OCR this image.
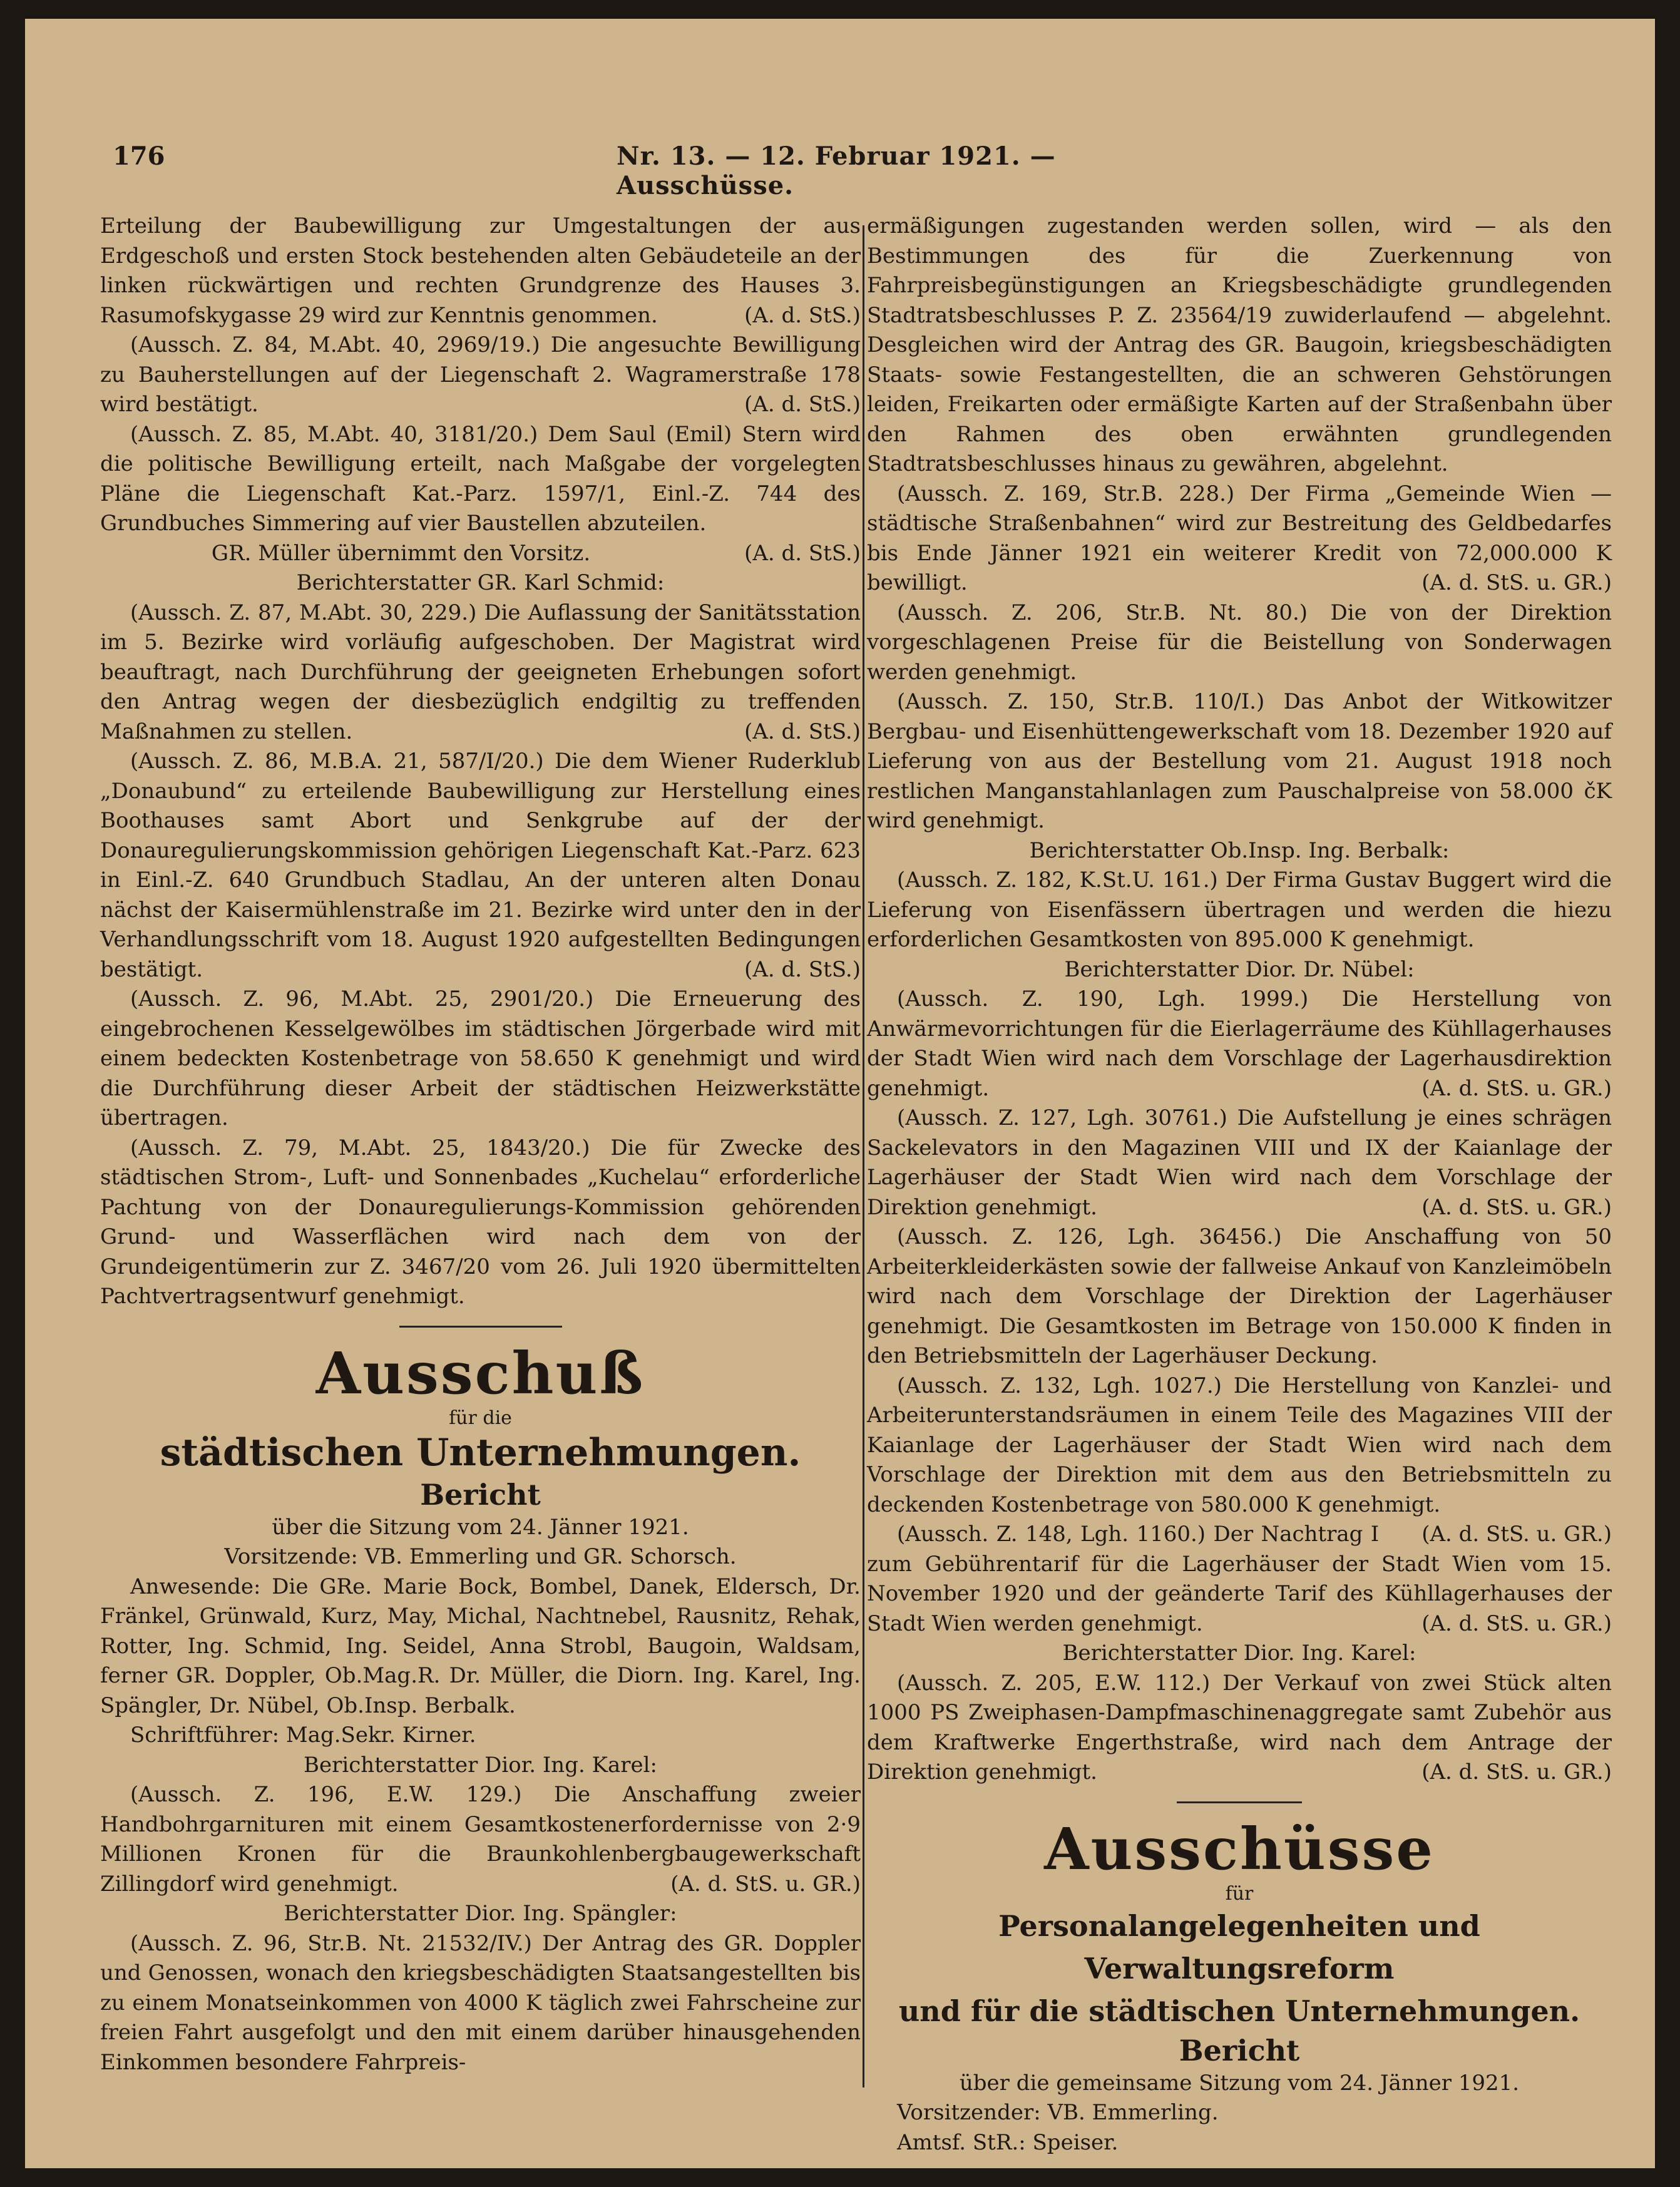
176	Nr. 13. — 12. Februar 1921. — Ausschüsse.

Erteilung der Baubewilligung zur Umgestaltungen der aus Erdgeschoß und ersten Stock bestehenden alten Gebäudeteile an der linken rückwärtigen und rechten Grundgrenze des Hauses 3. Rasumofskygasse 29 wird zur Kenntnis genommen.	(A. d. StS.)

(Aussch. Z. 84, M.Abt. 40, 2969/19.) Die angesuchte Bewilligung zu Bauherstellungen auf der Liegenschaft 2. Wagramerstraße 178 wird bestätigt.	(A. d. StS.)

(Aussch. Z. 85, M.Abt. 40, 3181/20.) Dem Saul (Emil) Stern wird die politische Bewilligung erteilt, nach Maßgabe der vorgelegten Pläne die Liegenschaft Kat.-Parz. 1597/1, Einl.-Z. 744 des Grundbuches Simmering auf vier Baustellen abzuteilen.
(A. d. StS.)

GR. Müller übernimmt den Vorsitz.

Berichterstatter GR. Karl Schmid:

(Aussch. Z. 87, M.Abt. 30, 229.) Die Auflassung der Sanitätsstation im 5. Bezirke wird vorläufig aufgeschoben. Der Magistrat wird beauftragt, nach Durchführung der geeigneten Erhebungen sofort den Antrag wegen der diesbezüglich endgiltig zu treffenden Maßnahmen zu stellen.	(A. d. StS.)

(Aussch. Z. 86, M.B.A. 21, 587/I/20.) Die dem Wiener Ruderklub „Donaubund“ zu erteilende Baubewilligung zur Herstellung eines Boothauses samt Abort und Senkgrube auf der der Donauregulierungskommission gehörigen Liegenschaft Kat.-Parz. 623 in Einl.-Z. 640 Grundbuch Stadlau, An der unteren alten Donau nächst der Kaisermühlenstraße im 21. Bezirke wird unter den in der Verhandlungsschrift vom 18. August 1920 aufgestellten Bedingungen bestätigt.	(A. d. StS.)

(Aussch. Z. 96, M.Abt. 25, 2901/20.) Die Erneuerung des eingebrochenen Kesselgewölbes im städtischen Jörgerbade wird mit einem bedeckten Kostenbetrage von 58.650 K genehmigt und wird die Durchführung dieser Arbeit der städtischen Heizwerkstätte übertragen.

(Aussch. Z. 79, M.Abt. 25, 1843/20.) Die für Zwecke des städtischen Strom-, Luft- und Sonnenbades „Kuchelau“ erforderliche Pachtung von der Donauregulierungs-Kommission gehörenden Grund- und Wasserflächen wird nach dem von der Grundeigentümerin zur Z. 3467/20 vom 26. Juli 1920 übermittelten Pachtvertragsentwurf genehmigt.

Ausschuß
für die
städtischen Unternehmungen.
Bericht

über die Sitzung vom 24. Jänner 1921.

Vorsitzende: VB. Emmerling und GR. Schorsch.

Anwesende: Die GRe. Marie Bock, Bombel, Danek, Eldersch, Dr. Fränkel, Grünwald, Kurz, May, Michal, Nachtnebel, Rausnitz, Rehak, Rotter, Ing. Schmid, Ing. Seidel, Anna Strobl, Baugoin, Waldsam, ferner GR. Doppler, Ob.Mag.R. Dr. Müller, die Diorn. Ing. Karel, Ing. Spängler, Dr. Nübel, Ob.Insp. Berbalk.

Schriftführer: Mag.Sekr. Kirner.

Berichterstatter Dior. Ing. Karel:

(Aussch. Z. 196, E.W. 129.) Die Anschaffung zweier Handbohrgarnituren mit einem Gesamtkostenerfordernisse von 2·9 Millionen Kronen für die Braunkohlenbergbaugewerkschaft Zillingdorf wird genehmigt.	(A. d. StS. u. GR.)

Berichterstatter Dior. Ing. Spängler:

(Aussch. Z. 96, Str.B. Nt. 21532/IV.) Der Antrag des GR. Doppler und Genossen, wonach den kriegsbeschädigten Staatsangestellten bis zu einem Monatseinkommen von 4000 K täglich zwei Fahrscheine zur freien Fahrt ausgefolgt und den mit einem darüber hinausgehenden Einkommen besondere Fahrpreis-

ermäßigungen zugestanden werden sollen, wird — als den Bestimmungen des für die Zuerkennung von Fahrpreisbegünstigungen an Kriegsbeschädigte grundlegenden Stadtratsbeschlusses P. Z. 23564/19 zuwiderlaufend — abgelehnt. Desgleichen wird der Antrag des GR. Baugoin, kriegsbeschädigten Staats- sowie Festangestellten, die an schweren Gehstörungen leiden, Freikarten oder ermäßigte Karten auf der Straßenbahn über den Rahmen des oben erwähnten grundlegenden Stadtratsbeschlusses hinaus zu gewähren, abgelehnt.

(Aussch. Z. 169, Str.B. 228.) Der Firma „Gemeinde Wien — städtische Straßenbahnen“ wird zur Bestreitung des Geldbedarfes bis Ende Jänner 1921 ein weiterer Kredit von 72,000.000 K bewilligt.	(A. d. StS. u. GR.)

(Aussch. Z. 206, Str.B. Nt. 80.) Die von der Direktion vorgeschlagenen Preise für die Beistellung von Sonderwagen werden genehmigt.

(Aussch. Z. 150, Str.B. 110/I.) Das Anbot der Witkowitzer Bergbau- und Eisenhüttengewerkschaft vom 18. Dezember 1920 auf Lieferung von aus der Bestellung vom 21. August 1918 noch restlichen Manganstahlanlagen zum Pauschalpreise von 58.000 čK wird genehmigt.

Berichterstatter Ob.Insp. Ing. Berbalk:

(Aussch. Z. 182, K.St.U. 161.) Der Firma Gustav Buggert wird die Lieferung von Eisenfässern übertragen und werden die hiezu erforderlichen Gesamtkosten von 895.000 K genehmigt.

Berichterstatter Dior. Dr. Nübel:

(Aussch. Z. 190, Lgh. 1999.) Die Herstellung von Anwärmevorrichtungen für die Eierlagerräume des Kühllagerhauses der Stadt Wien wird nach dem Vorschlage der Lagerhausdirektion genehmigt.	(A. d. StS. u. GR.)

(Aussch. Z. 127, Lgh. 30761.) Die Aufstellung je eines schrägen Sackelevators in den Magazinen VIII und IX der Kaianlage der Lagerhäuser der Stadt Wien wird nach dem Vorschlage der Direktion genehmigt.	(A. d. StS. u. GR.)

(Aussch. Z. 126, Lgh. 36456.) Die Anschaffung von 50 Arbeiterkleiderkästen sowie der fallweise Ankauf von Kanzleimöbeln wird nach dem Vorschlage der Direktion der Lagerhäuser genehmigt. Die Gesamtkosten im Betrage von 150.000 K finden in den Betriebsmitteln der Lagerhäuser Deckung.

(Aussch. Z. 132, Lgh. 1027.) Die Herstellung von Kanzlei- und Arbeiterunterstandsräumen in einem Teile des Magazines VIII der Kaianlage der Lagerhäuser der Stadt Wien wird nach dem Vorschlage der Direktion mit dem aus den Betriebsmitteln zu deckenden Kostenbetrage von 580.000 K genehmigt.
(A. d. StS. u. GR.)

(Aussch. Z. 148, Lgh. 1160.) Der Nachtrag I zum Gebührentarif für die Lagerhäuser der Stadt Wien vom 15. November 1920 und der geänderte Tarif des Kühllagerhauses der Stadt Wien werden genehmigt.	(A. d. StS. u. GR.)

Berichterstatter Dior. Ing. Karel:

(Aussch. Z. 205, E.W. 112.) Der Verkauf von zwei Stück alten 1000 PS Zweiphasen-Dampfmaschinenaggregate samt Zubehör aus dem Kraftwerke Engerthstraße, wird nach dem Antrage der Direktion genehmigt.	(A. d. StS. u. GR.)

Ausschüsse
für
Personalangelegenheiten und Verwaltungsreform
und für die städtischen Unternehmungen.
Bericht

über die gemeinsame Sitzung vom 24. Jänner 1921.

Vorsitzender: VB. Emmerling.

Amtsf. StR.: Speiser.
